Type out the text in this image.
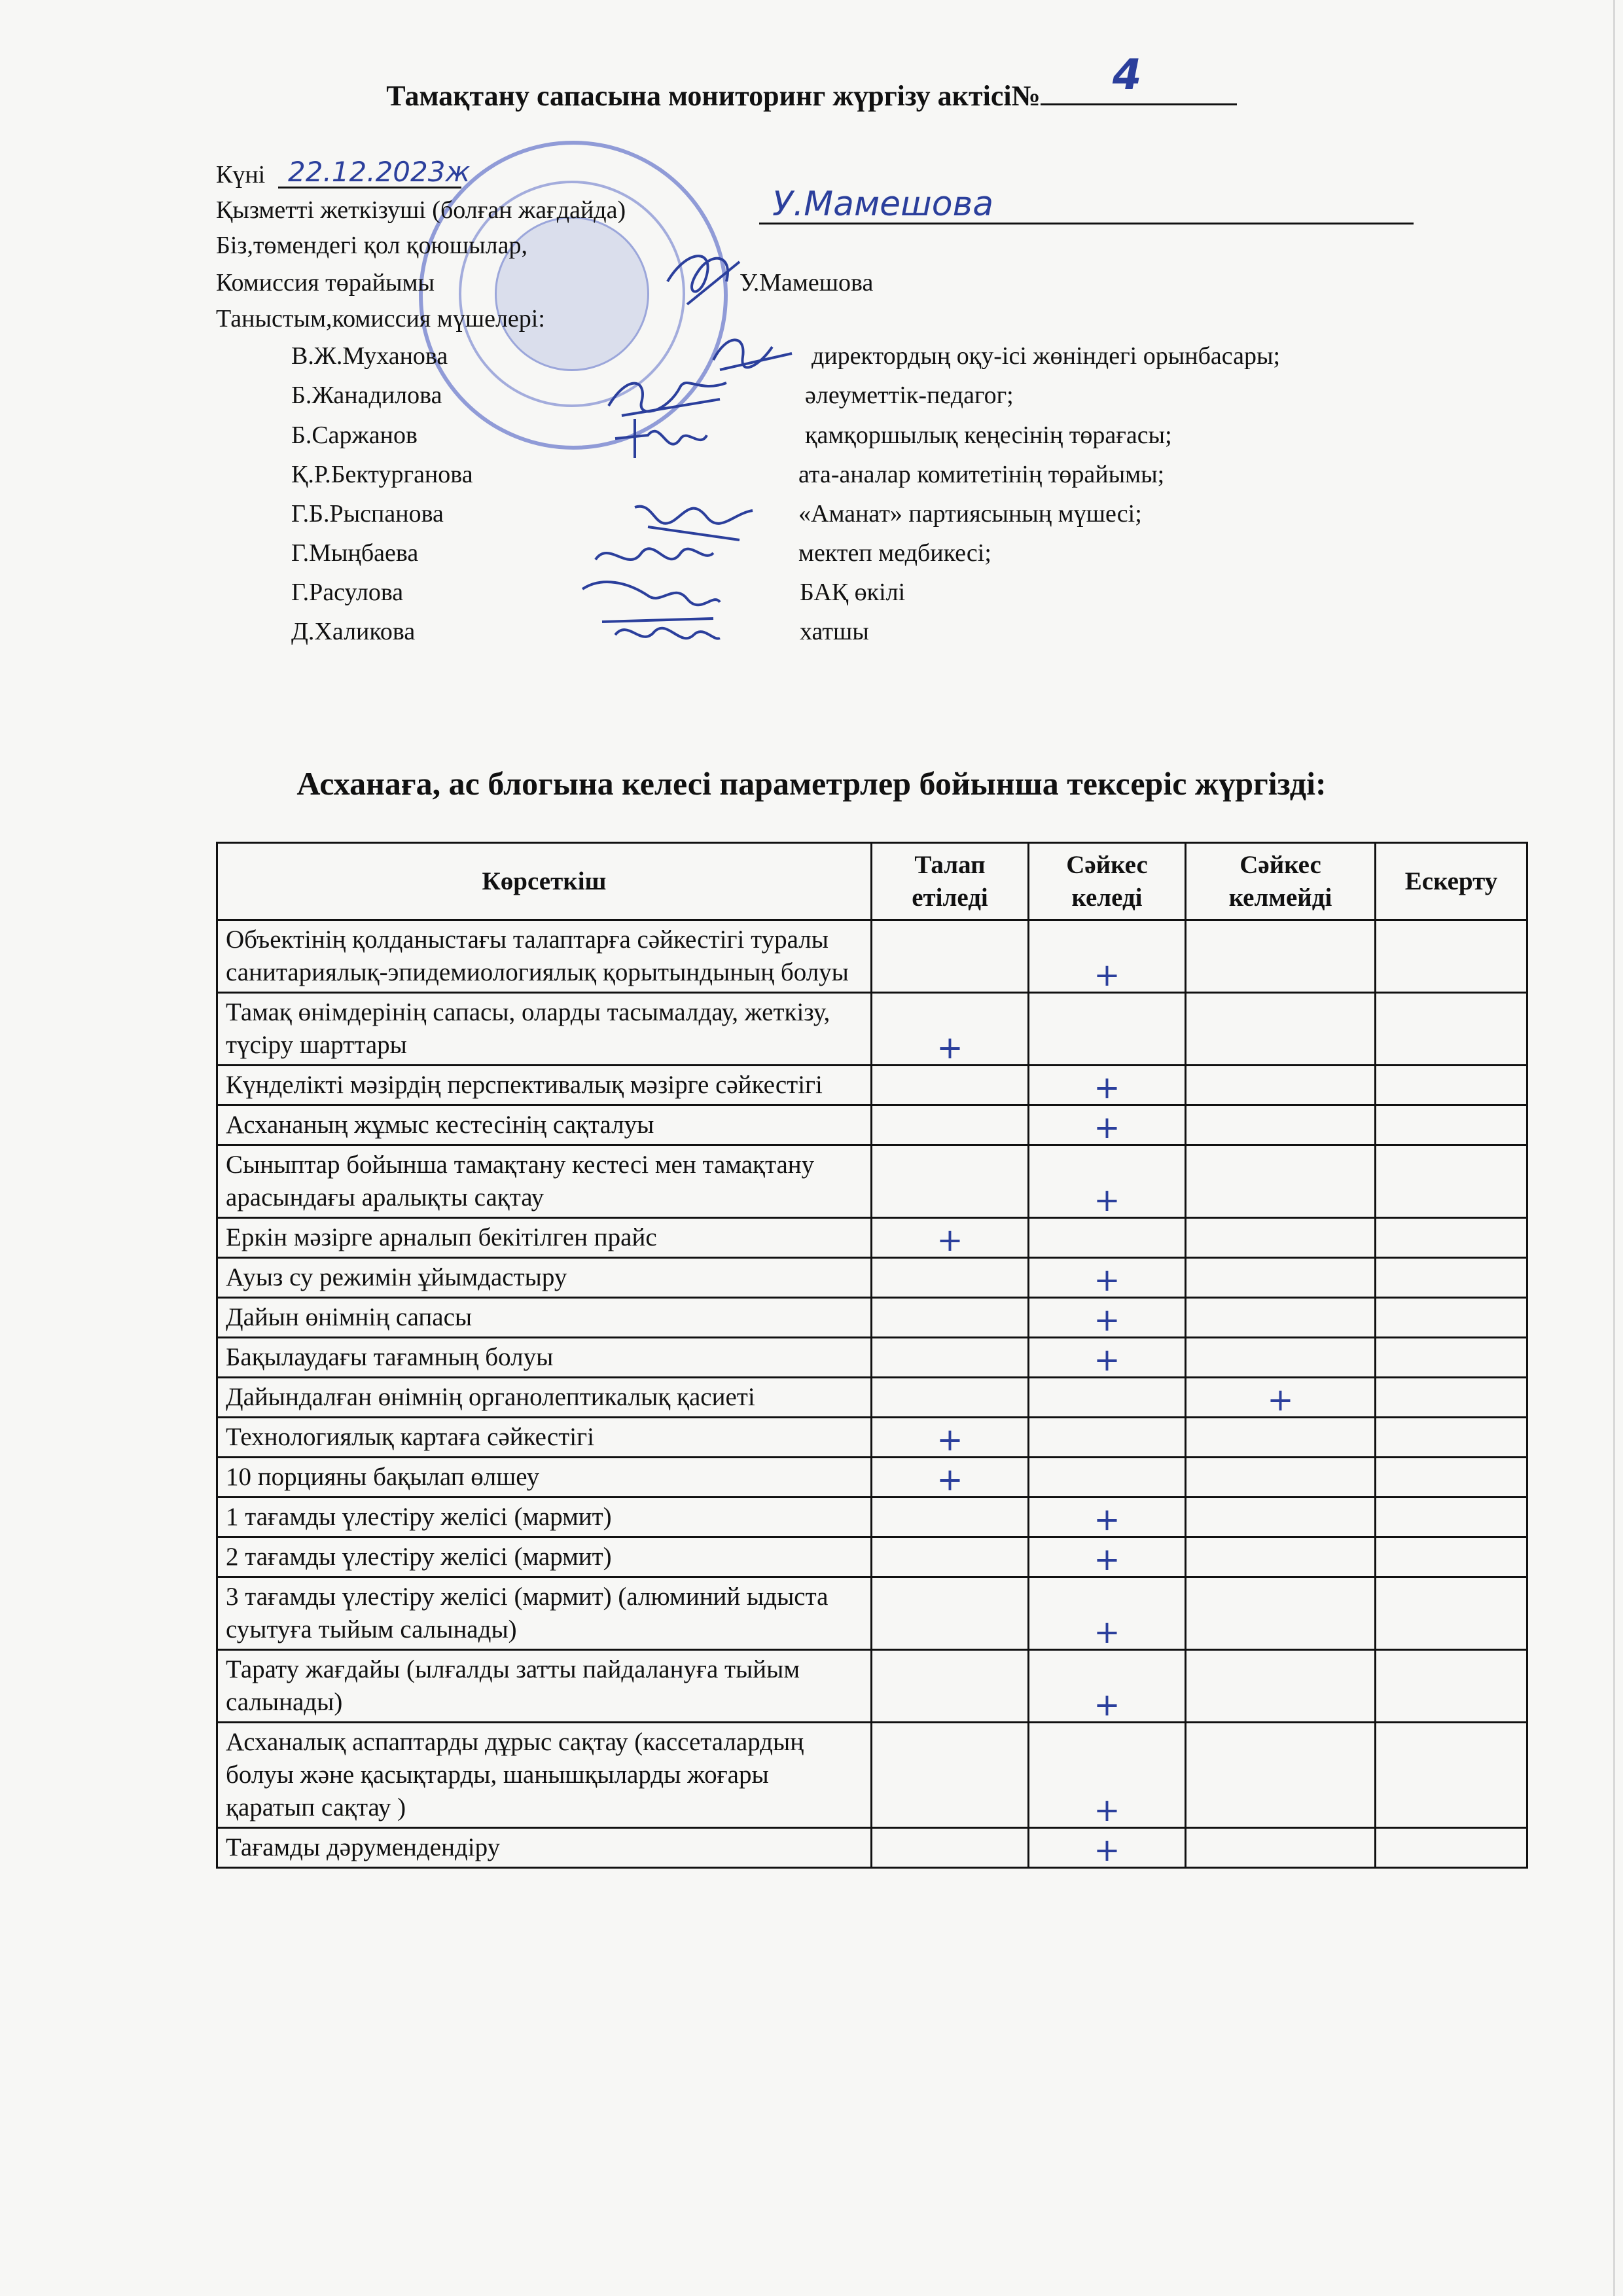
Тамақтану сапасына мониторинг жүргізу актісі№ 4
Күні 22.12.2023ж
Қызметті жеткізуші (болған жағдайда)	У.Мамешова
Біз,төмендегі қол қоюшылар,
Комиссия төрайымы	У.Мамешова
Таныстым,комиссия мүшелері:
В.Ж.Муханова	директордың оқу-ісі жөніндегі орынбасары;
Б.Жанадилова	әлеуметтік-педагог;
Б.Саржанов	қамқоршылық кеңесінің төрағасы;
Қ.Р.Бектурганова	ата-аналар комитетінің төрайымы;
Г.Б.Рыспанова	«Аманат» партиясының мүшесі;
Г.Мыңбаева	мектеп медбикесі;
Г.Расулова	БАҚ өкілі
Д.Халикова	хатшы
Асханаға, ас блогына келесі параметрлер бойынша тексеріс жүргізді:
Көрсеткіш	Талап етіледі	Сәйкес келеді	Сәйкес келмейді	Ескерту
Объектінің қолданыстағы талаптарға сәйкестігі туралы санитариялық-эпидемиологиялық қорытындының болуы		+		
Тамақ өнімдерінің сапасы, оларды тасымалдау, жеткізу, түсіру шарттары	+			
Күнделікті мәзірдің перспективалық мәзірге сәйкестігі		+		
Асхананың жұмыс кестесінің сақталуы		+		
Сыныптар бойынша тамақтану кестесі мен тамақтану арасындағы аралықты сақтау		+		
Еркін мәзірге арналып бекітілген прайс	+			
Ауыз су режимін ұйымдастыру		+		
Дайын өнімнің сапасы		+		
Бақылаудағы тағамның болуы		+		
Дайындалған өнімнің органолептикалық қасиеті			+	
Технологиялық картаға сәйкестігі	+			
10 порцияны бақылап өлшеу	+			
1 тағамды үлестіру желісі (мармит)		+		
2 тағамды үлестіру желісі (мармит)		+		
3 тағамды үлестіру желісі (мармит) (алюминий ыдыста суытуға тыйым салынады)		+		
Тарату жағдайы (ылғалды затты пайдалануға тыйым салынады)		+		
Асханалық аспаптарды дұрыс сақтау (кассеталардың болуы және қасықтарды, шанышқыларды жоғары қаратып сақтау )		+		
Тағамды дәрумендендіру		+		
